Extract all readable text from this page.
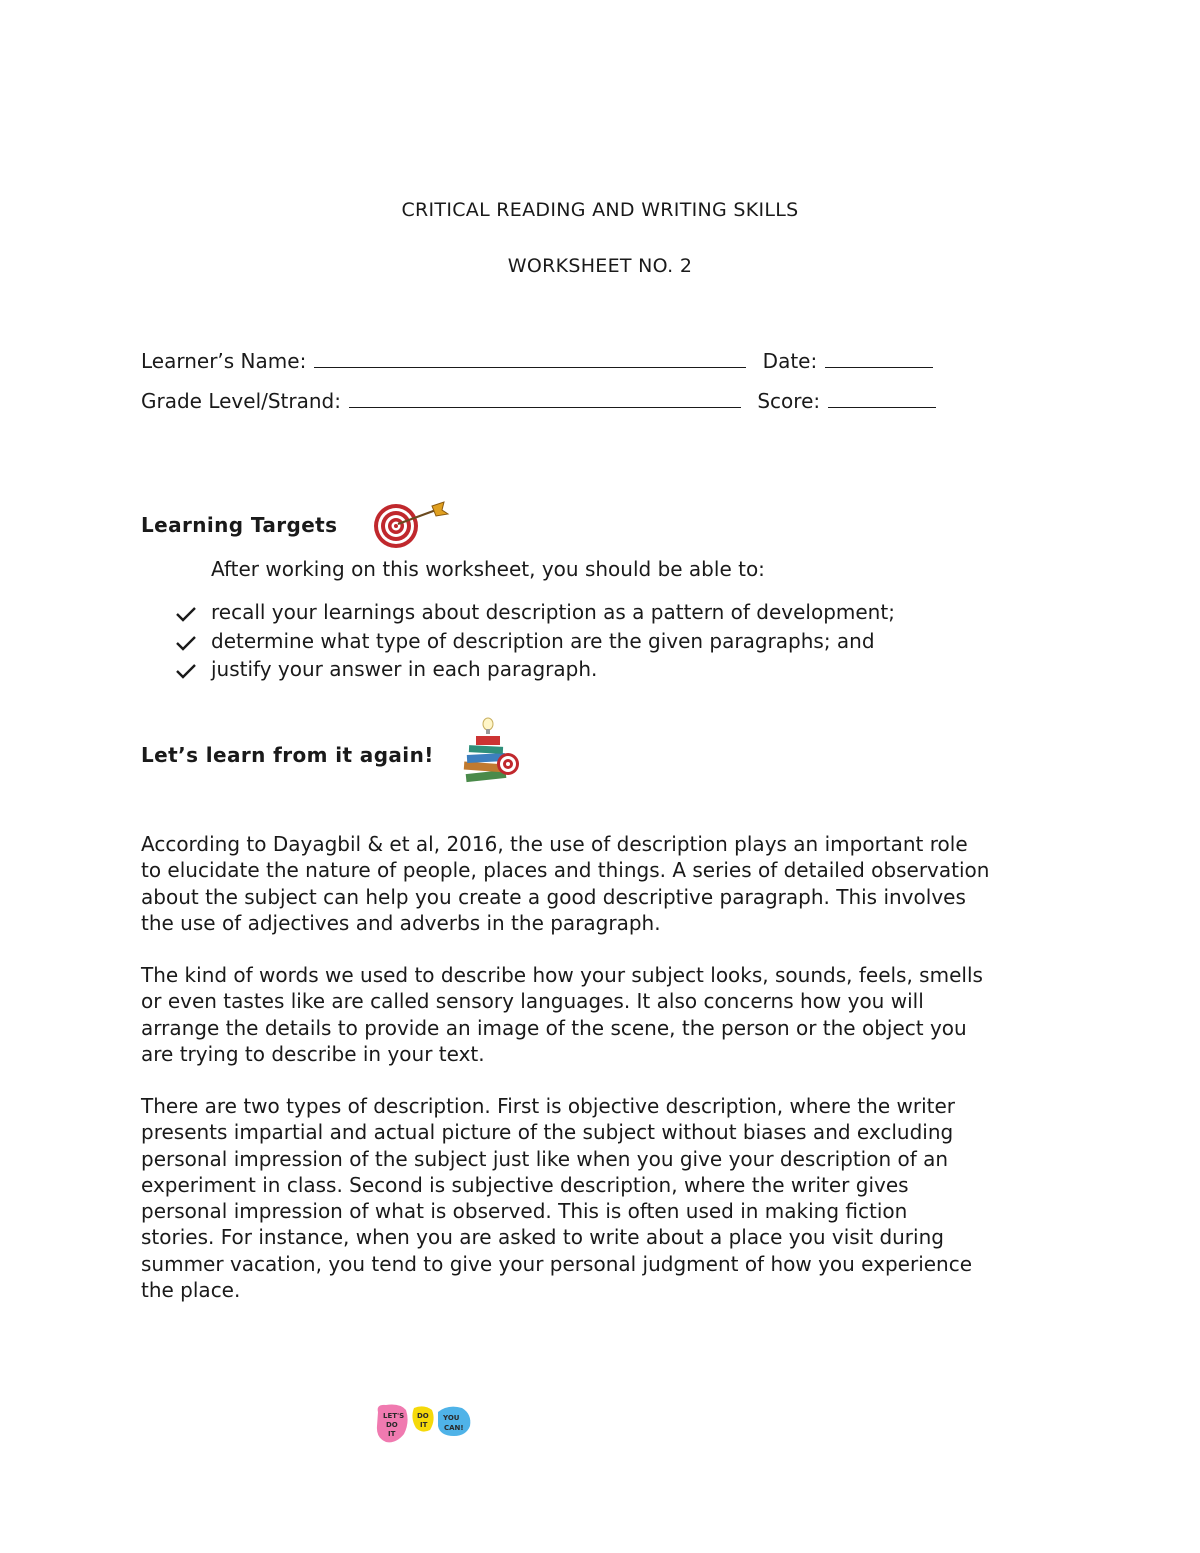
CRITICAL READING AND WRITING SKILLS
WORKSHEET NO. 2
Learner’s Name:	Date:
Grade Level/Strand:	Score:
Learning Targets
After working on this worksheet, you should be able to:
recall your learnings about description as a pattern of development;
determine what type of description are the given paragraphs; and
justify your answer in each paragraph.
Let’s learn from it again!
According to Dayagbil & et al, 2016, the use of description plays an important role
to elucidate the nature of people, places and things. A series of detailed observation
about the subject can help you create a good descriptive paragraph. This involves
the use of adjectives and adverbs in the paragraph.
The kind of words we used to describe how your subject looks, sounds, feels, smells
or even tastes like are called sensory languages. It also concerns how you will
arrange the details to provide an image of the scene, the person or the object you
are trying to describe in your text.
There are two types of description. First is objective description, where the writer
presents impartial and actual picture of the subject without biases and excluding
personal impression of the subject just like when you give your description of an
experiment in class. Second is subjective description, where the writer gives
personal impression of what is observed. This is often used in making fiction
stories. For instance, when you are asked to write about a place you visit during
summer vacation, you tend to give your personal judgment of how you experience
the place.
LET'S
DO
IT
DO
IT
YOU
CAN!
